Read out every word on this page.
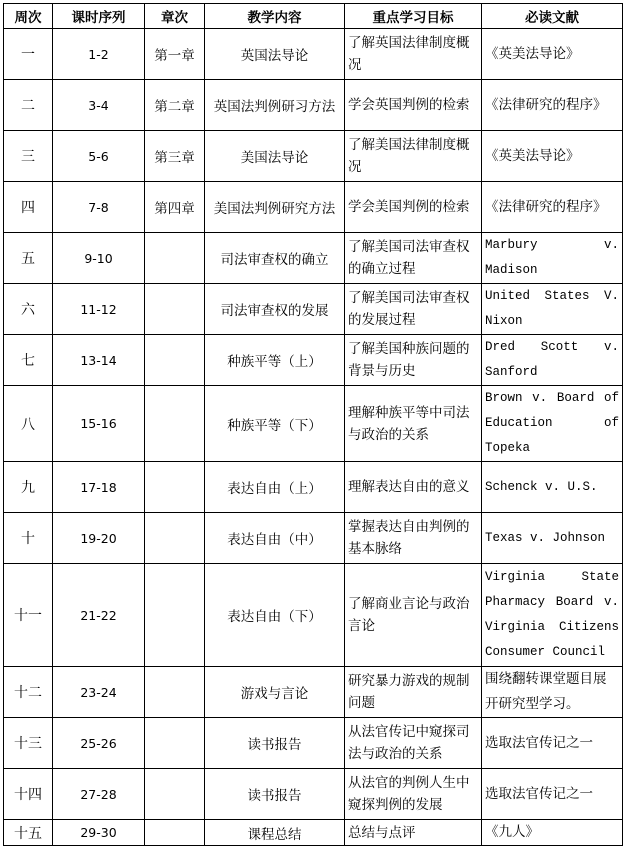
周次	课时序列	章次	教学内容	重点学习目标	必读文献
一	1-2	第一章	英国法导论	了解英国法律制度概况	《英美法导论》
二	3-4	第二章	英国法判例研习方法	学会英国判例的检索	《法律研究的程序》
三	5-6	第三章	美国法导论	了解美国法律制度概况	《英美法导论》
四	7-8	第四章	美国法判例研究方法	学会美国判例的检索	《法律研究的程序》
五	9-10		司法审查权的确立	了解美国司法审查权的确立过程	Marbury v. Madison
六	11-12		司法审查权的发展	了解美国司法审查权的发展过程	United States V. Nixon
七	13-14		种族平等（上）	了解美国种族问题的背景与历史	Dred Scott v. Sanford
八	15-16		种族平等（下）	理解种族平等中司法与政治的关系	Brown v. Board of Education of Topeka
九	17-18		表达自由（上）	理解表达自由的意义	Schenck v. U.S.
十	19-20		表达自由（中）	掌握表达自由判例的基本脉络	Texas v. Johnson
十一	21-22		表达自由（下）	了解商业言论与政治言论	Virginia State Pharmacy Board v. Virginia Citizens Consumer Council
十二	23-24		游戏与言论	研究暴力游戏的规制问题	围绕翻转课堂题目展开研究型学习。
十三	25-26		读书报告	从法官传记中窥探司法与政治的关系	选取法官传记之一
十四	27-28		读书报告	从法官的判例人生中窥探判例的发展	选取法官传记之一
十五	29-30		课程总结	总结与点评	《九人》
